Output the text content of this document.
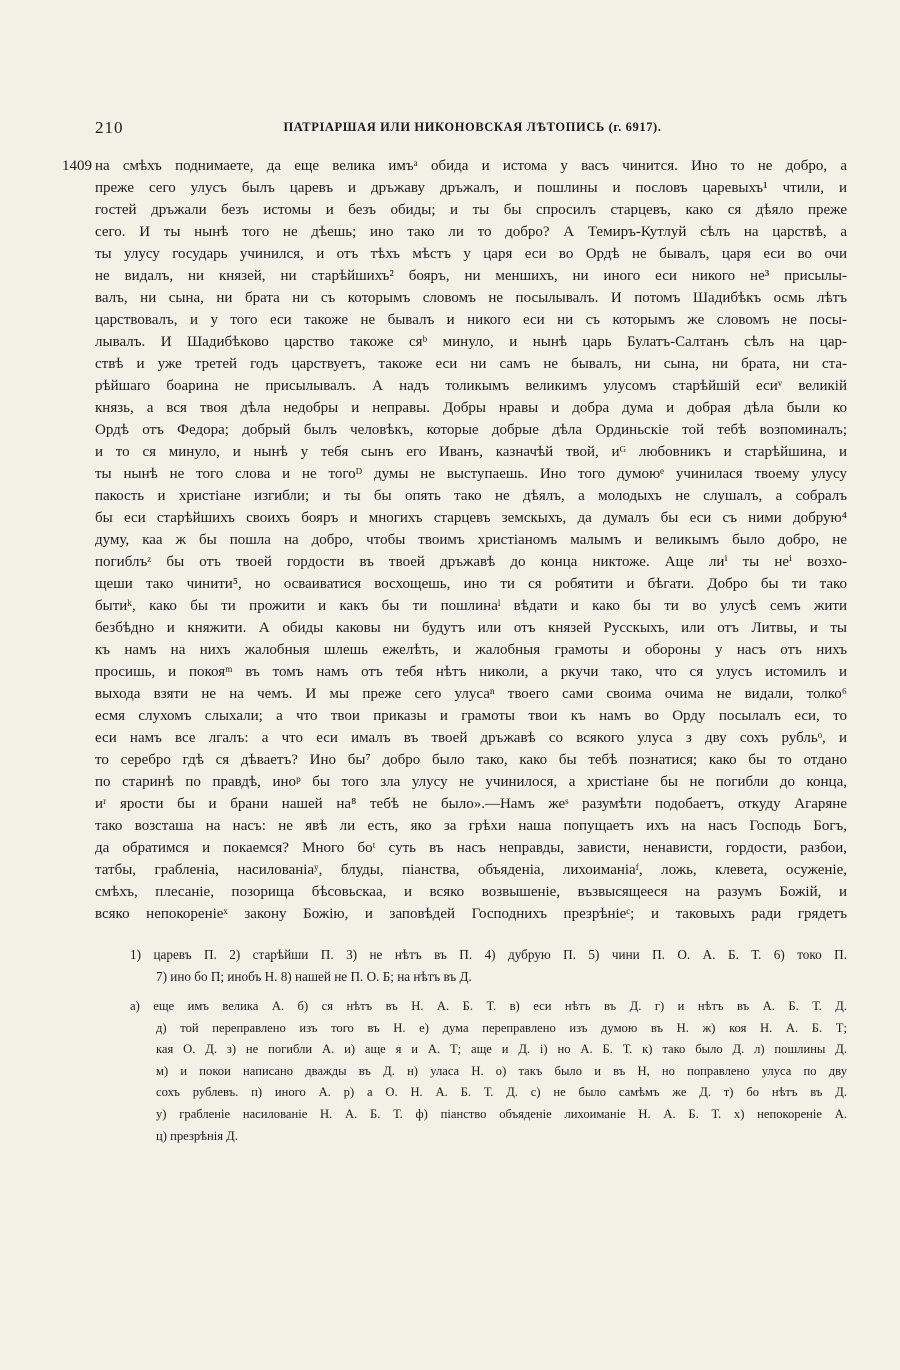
210	ПАТРІАРШАЯ ИЛИ НИКОНОВСКАЯ ЛѢТОПИСЬ (г. 6917).
1409 на смѣхъ поднимаете, да еще велика имъᵃ обида и истома у васъ чинится. Ино то не добро, а
преже сего улусъ былъ царевъ и дръжаву дръжалъ, и пошлины и пословъ царевыхъ¹ чтили, и
гостей дръжали безъ истомы и безъ обиды; и ты бы спросилъ старцевъ, како ся дѣяло преже
сего. И ты нынѣ того не дѣешь; ино тако ли то добро? А Темиръ-Кутлуй сѣлъ на царствѣ, а
ты улусу государь учинился, и отъ тѣхъ мѣстъ у царя еси во Ордѣ не бывалъ, царя еси во очи
не видалъ, ни князей, ни старѣйшихъ² бояръ, ни меншихъ, ни иного еси никого не³ присылы-
валъ, ни сына, ни брата ни съ которымъ словомъ не посылывалъ. И потомъ Шадибѣкъ осмь лѣтъ
царствовалъ, и у того еси такоже не бывалъ и никого еси ни съ которымъ же словомъ не посы-
лывалъ. И Шадибѣково царство такоже сяᵇ минуло, и нынѣ царь Булатъ-Салтанъ сѣлъ на цар-
ствѣ и уже третей годъ царствуетъ, такоже еси ни самъ не бывалъ, ни сына, ни брата, ни ста-
рѣйшаго боарина не присылывалъ. А надъ толикымъ великимъ улусомъ старѣйшій есиᵛ великій
князь, а вся твоя дѣла недобры и неправы. Добры нравы и добра дума и добрая дѣла были ко
Ордѣ отъ Федора; добрый былъ человѣкъ, которые добрые дѣла Ординьскіе той тебѣ возпоминалъ;
и то ся минуло, и нынѣ у тебя сынъ его Иванъ, казначѣй твой, иᴳ любовникъ и старѣйшина, и
ты нынѣ не того слова и не тогоᴰ думы не выступаешь. Ино того думоюᵉ учинилася твоему улусу
пакость и христіане изгибли; и ты бы опять тако не дѣялъ, а молодыхъ не слушалъ, а собралъ
бы еси старѣйшихъ своихъ бояръ и многихъ старцевъ земскыхъ, да думалъ бы еси съ ними добрую⁴
думу, каа ж бы пошла на добро, чтобы твоимъ христіаномъ малымъ и великымъ было добро, не
погиблъᶻ бы отъ твоей гордости въ твоей дръжавѣ до конца никтоже. Аще лиⁱ ты неⁱ возхо-
щеши тако чинити⁵, но осваиватися восхощешь, ино ти ся робятити и бѣгати. Добро бы ти тако
бытиᵏ, како бы ти прожити и какъ бы ти пошлинаˡ вѣдати и како бы ти во улусѣ семъ жити
безбѣдно и княжити. А обиды каковы ни будутъ или отъ князей Русскыхъ, или отъ Литвы, и ты
къ намъ на нихъ жалобныя шлешь ежелѣть, и жалобныя грамоты и обороны у насъ отъ нихъ
просишь, и покояᵐ въ томъ намъ отъ тебя нѣтъ николи, а ркучи тако, что ся улусъ истомилъ и
выхода взяти не на чемъ. И мы преже сего улусаⁿ твоего сами своима очима не видали, толко⁶
есмя слухомъ слыхали; а что твои приказы и грамоты твои къ намъ во Орду посылалъ еси, то
еси намъ все лгалъ: а что еси ималъ въ твоей дръжавѣ со всякого улуса з дву сохъ рубльᵒ, и
то серебро гдѣ ся дѣваетъ? Ино бы⁷ добро было тако, како бы тебѣ познатися; како бы то отдано
по старинѣ по правдѣ, иноᵖ бы того зла улусу не учинилося, а христіане бы не погибли до конца,
иʳ ярости бы и брани нашей на⁸ тебѣ не было».—Намъ жеˢ разумѣти подобаетъ, откуду Агаряне
тако возсташа на насъ: не явѣ ли есть, яко за грѣхи наша попущаетъ ихъ на насъ Господь Богъ,
да обратимся и покаемся? Много боᵗ суть въ насъ неправды, зависти, ненависти, гордости, разбои,
татбы, грабленіа, насилованіаʸ, блуды, піанства, объяденіа, лихоиманіаᶠ, ложь, клевета, осуженіе,
смѣхъ, плесаніе, позорища бѣсовьскаа, и всяко возвышеніе, възвысящееся на разумъ Божій, и
всяко непокореніеˣ закону Божію, и заповѣдей Господнихъ презрѣніеᶜ; и таковыхъ ради грядетъ
1) царевъ П. 2) старѣйши П. 3) не нѣтъ въ П. 4) дубрую П. 5) чини П. О. А. Б. Т. 6) токо П.
7) ино бо П; инобъ Н. 8) нашей не П. О. Б; на нѣтъ въ Д.
а) еще имъ велика А. б) ся нѣтъ въ Н. А. Б. Т. в) еси нѣтъ въ Д. г) и нѣтъ въ А. Б. Т. Д.
д) той переправлено изъ того въ Н. е) дума переправлено изъ думою въ Н. ж) коя Н. А. Б. Т;
кая О. Д. з) не погибли А. и) аще я и А. Т; аще и Д. і) но А. Б. Т. к) тако было Д. л) пошлины Д.
м) и покои написано дважды въ Д. н) уласа Н. о) такъ было и въ Н, но поправлено улуса по дву
сохъ рублевъ. п) иного А. р) а О. Н. А. Б. Т. Д. с) не было самѣмъ же Д. т) бо нѣтъ въ Д.
у) грабленіе насилованіе Н. А. Б. Т. ф) піанство объяденіе лихоиманіе Н. А. Б. Т. х) непокореніе А.
ц) презрѣнія Д.
